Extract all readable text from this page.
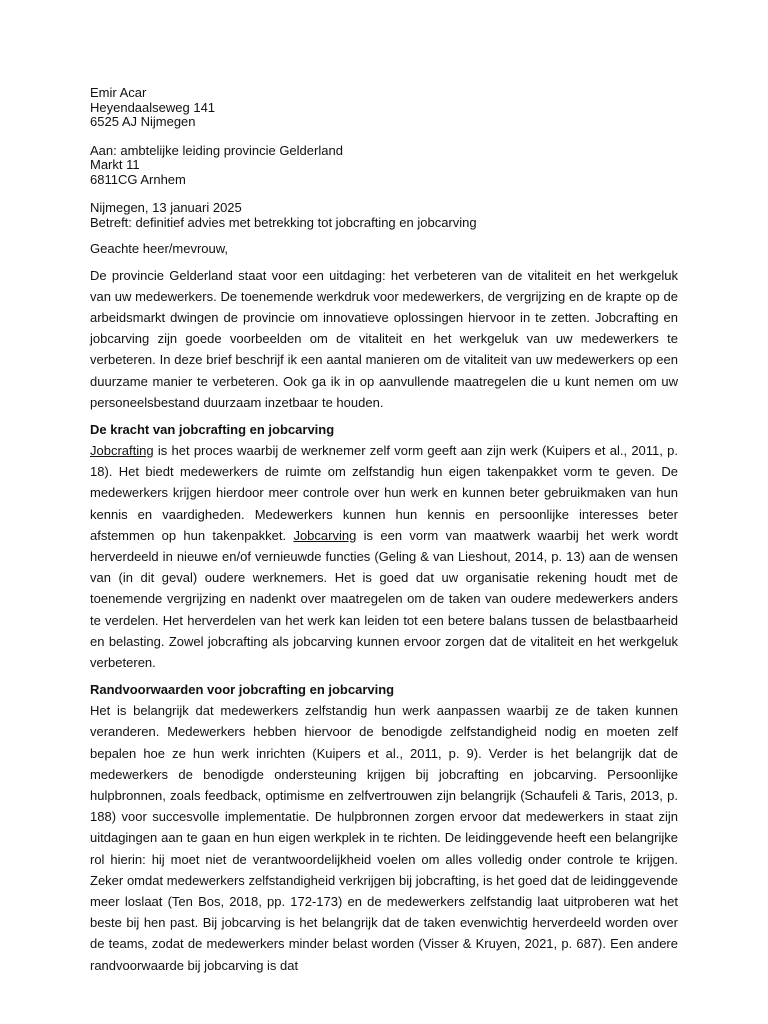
Emir Acar
Heyendaalseweg 141
6525 AJ Nijmegen
Aan: ambtelijke leiding provincie Gelderland
Markt 11
6811CG Arnhem
Nijmegen, 13 januari 2025
Betreft: definitief advies met betrekking tot jobcrafting en jobcarving
Geachte heer/mevrouw,

De provincie Gelderland staat voor een uitdaging: het verbeteren van de vitaliteit en het werkgeluk van uw medewerkers. De toenemende werkdruk voor medewerkers, de vergrijzing en de krapte op de arbeidsmarkt dwingen de provincie om innovatieve oplossingen hiervoor in te zetten. Jobcrafting en jobcarving zijn goede voorbeelden om de vitaliteit en het werkgeluk van uw medewerkers te verbeteren. In deze brief beschrijf ik een aantal manieren om de vitaliteit van uw medewerkers op een duurzame manier te verbeteren. Ook ga ik in op aanvullende maatregelen die u kunt nemen om uw personeelsbestand duurzaam inzetbaar te houden.

De kracht van jobcrafting en jobcarving

Jobcrafting is het proces waarbij de werknemer zelf vorm geeft aan zijn werk (Kuipers et al., 2011, p. 18). Het biedt medewerkers de ruimte om zelfstandig hun eigen takenpakket vorm te geven. De medewerkers krijgen hierdoor meer controle over hun werk en kunnen beter gebruikmaken van hun kennis en vaardigheden. Medewerkers kunnen hun kennis en persoonlijke interesses beter afstemmen op hun takenpakket. Jobcarving is een vorm van maatwerk waarbij het werk wordt herverdeeld in nieuwe en/of vernieuwde functies (Geling & van Lieshout, 2014, p. 13) aan de wensen van (in dit geval) oudere werknemers. Het is goed dat uw organisatie rekening houdt met de toenemende vergrijzing en nadenkt over maatregelen om de taken van oudere medewerkers anders te verdelen. Het herverdelen van het werk kan leiden tot een betere balans tussen de belastbaarheid en belasting. Zowel jobcrafting als jobcarving kunnen ervoor zorgen dat de vitaliteit en het werkgeluk verbeteren.

Randvoorwaarden voor jobcrafting en jobcarving

Het is belangrijk dat medewerkers zelfstandig hun werk aanpassen waarbij ze de taken kunnen veranderen. Medewerkers hebben hiervoor de benodigde zelfstandigheid nodig en moeten zelf bepalen hoe ze hun werk inrichten (Kuipers et al., 2011, p. 9). Verder is het belangrijk dat de medewerkers de benodigde ondersteuning krijgen bij jobcrafting en jobcarving. Persoonlijke hulpbronnen, zoals feedback, optimisme en zelfvertrouwen zijn belangrijk (Schaufeli & Taris, 2013, p. 188) voor succesvolle implementatie. De hulpbronnen zorgen ervoor dat medewerkers in staat zijn uitdagingen aan te gaan en hun eigen werkplek in te richten. De leidinggevende heeft een belangrijke rol hierin: hij moet niet de verantwoordelijkheid voelen om alles volledig onder controle te krijgen. Zeker omdat medewerkers zelfstandigheid verkrijgen bij jobcrafting, is het goed dat de leidinggevende meer loslaat (Ten Bos, 2018, pp. 172-173) en de medewerkers zelfstandig laat uitproberen wat het beste bij hen past. Bij jobcarving is het belangrijk dat de taken evenwichtig herverdeeld worden over de teams, zodat de medewerkers minder belast worden (Visser & Kruyen, 2021, p. 687). Een andere randvoorwaarde bij jobcarving is dat
